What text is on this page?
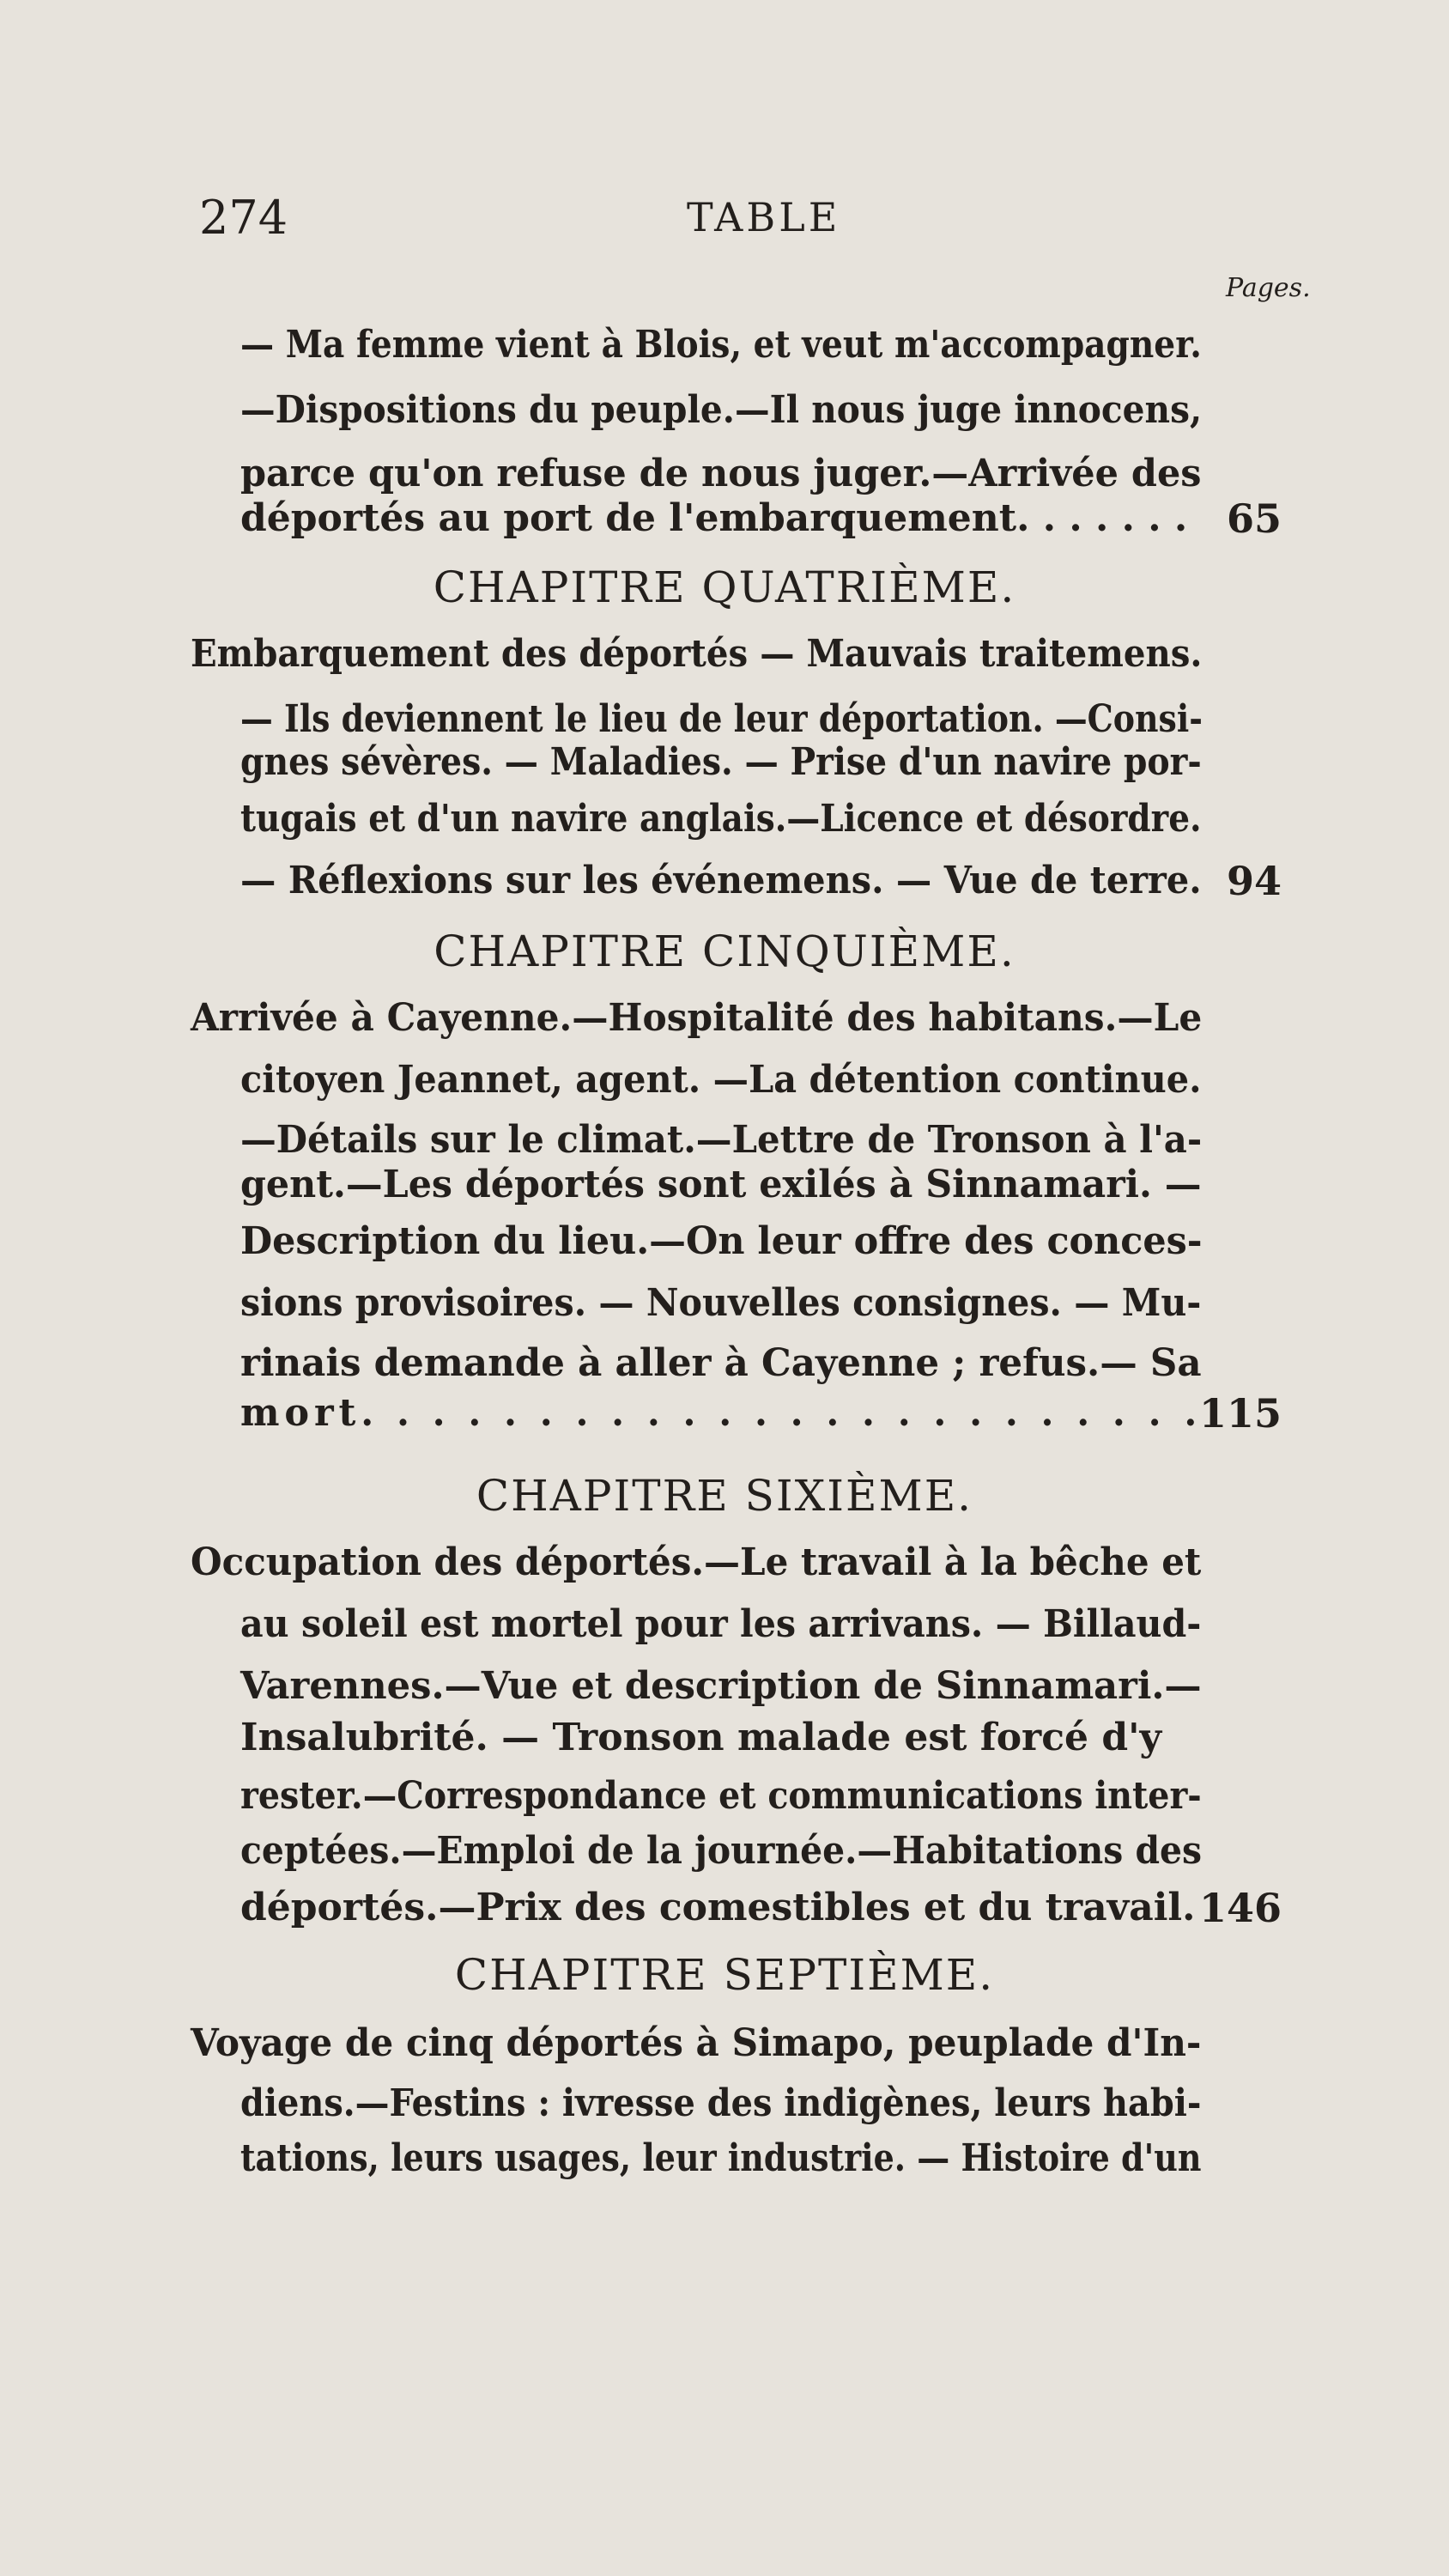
274	TABLE
Pages.
— Ma femme vient à Blois, et veut m'accompagner.
—Dispositions du peuple.—Il nous juge innocens,
parce qu'on refuse de nous juger.—Arrivée des
déportés au port de l'embarquement. . . . . . . 65
CHAPITRE QUATRIÈME.
Embarquement des déportés — Mauvais traitemens.
— Ils deviennent le lieu de leur déportation. —Consi-
gnes sévères. — Maladies. — Prise d'un navire por-
tugais et d'un navire anglais.—Licence et désordre.
— Réflexions sur les événemens. — Vue de terre. 94
CHAPITRE CINQUIÈME.
Arrivée à Cayenne.—Hospitalité des habitans.—Le
citoyen Jeannet, agent. —La détention continue.
—Détails sur le climat.—Lettre de Tronson à l'a-
gent.—Les déportés sont exilés à Sinnamari. —
Description du lieu.—On leur offre des conces-
sions provisoires. — Nouvelles consignes. — Mu-
rinais demande à aller à Cayenne ; refus.— Sa
mort. . . . . . . . . . . . . . . . . . . . . . . .
115
CHAPITRE SIXIÈME.
Occupation des déportés.—Le travail à la bêche et
au soleil est mortel pour les arrivans. — Billaud-
Varennes.—Vue et description de Sinnamari.—
Insalubrité. — Tronson malade est forcé d'y
rester.—Correspondance et communications inter-
ceptées.—Emploi de la journée.—Habitations des
déportés.—Prix des comestibles et du travail. 146
CHAPITRE SEPTIÈME.
Voyage de cinq déportés à Simapo, peuplade d'In-
diens.—Festins : ivresse des indigènes, leurs habi-
tations, leurs usages, leur industrie. — Histoire d'un
